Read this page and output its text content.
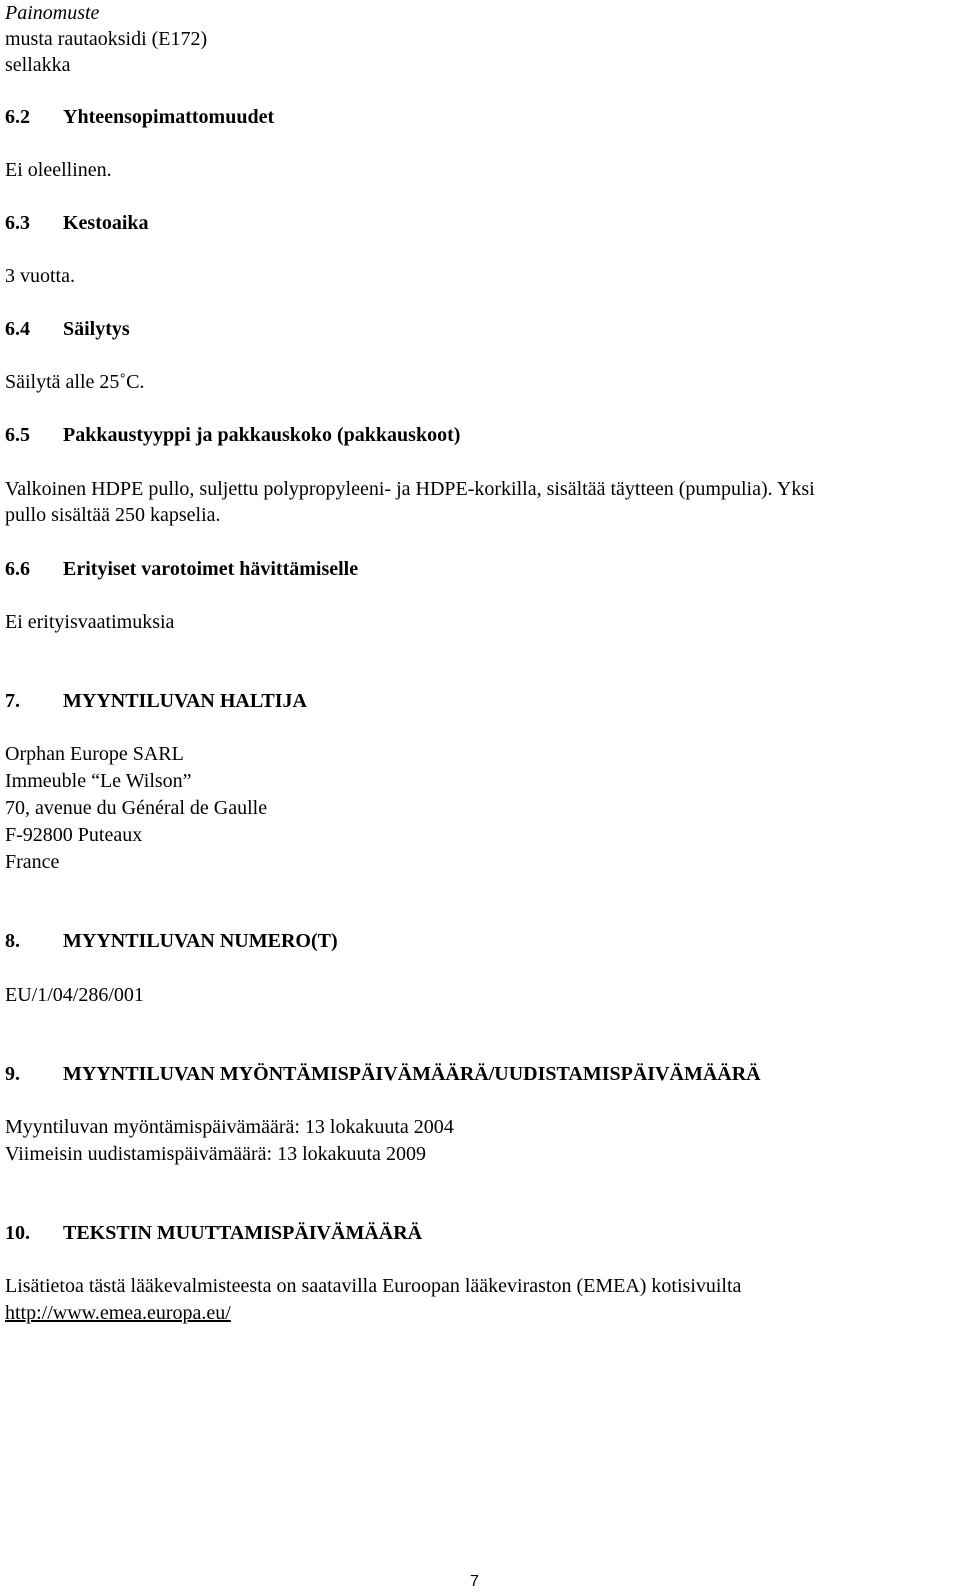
Painomuste
musta rautaoksidi (E172)
sellakka
6.2 Yhteensopimattomuudet
Ei oleellinen.
6.3 Kestoaika
3 vuotta.
6.4 Säilytys
Säilytä alle 25˚C.
6.5 Pakkaustyyppi ja pakkauskoko (pakkauskoot)
Valkoinen HDPE pullo, suljettu polypropyleeni- ja HDPE-korkilla, sisältää täytteen (pumpulia). Yksi
pullo sisältää 250 kapselia.
6.6 Erityiset varotoimet hävittämiselle
Ei erityisvaatimuksia
7. MYYNTILUVAN HALTIJA
Orphan Europe SARL
Immeuble “Le Wilson”
70, avenue du Général de Gaulle
F-92800 Puteaux
France
8. MYYNTILUVAN NUMERO(T)
EU/1/04/286/001
9. MYYNTILUVAN MYÖNTÄMISPÄIVÄMÄÄRÄ/UUDISTAMISPÄIVÄMÄÄRÄ
Myyntiluvan myöntämispäivämäärä: 13 lokakuuta 2004
Viimeisin uudistamispäivämäärä: 13 lokakuuta 2009
10. TEKSTIN MUUTTAMISPÄIVÄMÄÄRÄ
Lisätietoa tästä lääkevalmisteesta on saatavilla Euroopan lääkeviraston (EMEA) kotisivuilta
http://www.emea.europa.eu/
7
